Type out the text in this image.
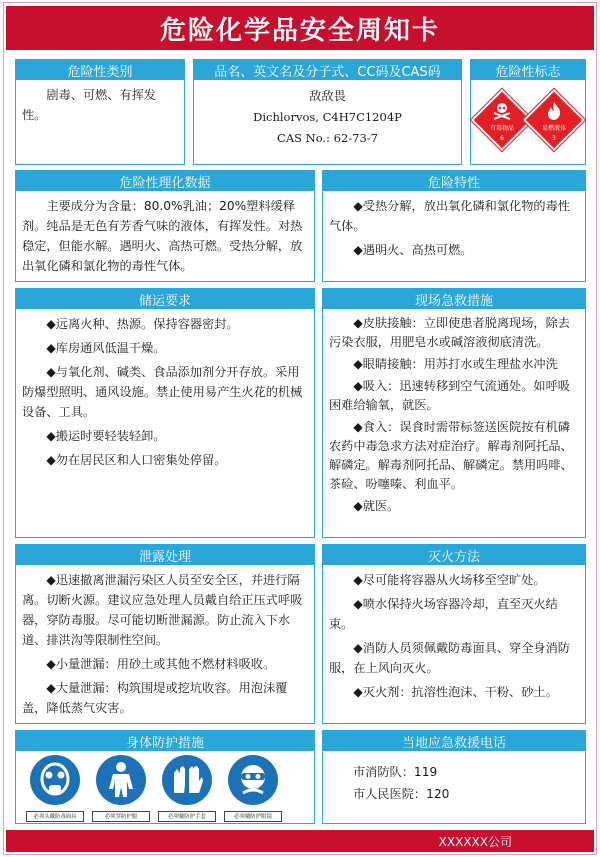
危险化学品安全周知卡
危险性类别

剧毒、可燃、有挥发性。

品名、英文名及分子式、CC码及CAS码
敌敌畏
Dichlorvos, C4H7C1204P
CAS No.: 62-73-7
危险性标志
有毒物品
6
易燃液体
3
危险性理化数据

主要成分为含量：80.0%乳油；20%塑料缓释剂。纯品是无色有芳香气味的液体，有挥发性。对热稳定，但能水解。遇明火、高热可燃。受热分解，放出氧化磷和氯化物的毒性气体。

危险特性

◆受热分解，放出氧化磷和氯化物的毒性气体。

◆遇明火、高热可燃。

储运要求

◆远离火种、热源。保持容器密封。

◆库房通风低温干燥。

◆与氧化剂、碱类、食品添加剂分开存放。采用防爆型照明、通风设施。禁止使用易产生火花的机械设备、工具。

◆搬运时要轻装轻卸。

◆勿在居民区和人口密集处停留。

现场急救措施

◆皮肤接触：立即使患者脱离现场，除去污染衣服，用肥皂水或碱溶液彻底清洗。

◆眼睛接触：用苏打水或生理盐水冲洗

◆吸入：迅速转移到空气流通处。如呼吸困难给输氧，就医。

◆食入：误食时需带标签送医院按有机磷农药中毒急求方法对症治疗。解毒剂阿托品、解磷定。解毒剂阿托品、解磷定。禁用吗啡、茶硷、吩噻嗪、利血平。

◆就医。

泄露处理

◆迅速撤离泄漏污染区人员至安全区，并进行隔离。切断火源。建议应急处理人员戴自给正压式呼吸器，穿防毒服。尽可能切断泄漏源。防止流入下水道、排洪沟等限制性空间。

◆小量泄漏：用砂土或其他不燃材料吸收。

◆大量泄漏：构筑围堤或挖坑收容。用泡沫覆盖，降低蒸气灾害。

灭火方法

◆尽可能将容器从火场移至空旷处。

◆喷水保持火场容器冷却，直至灭火结束。

◆消防人员须佩戴防毒面具、穿全身消防服，在上风向灭火。

◆灭火剂：抗溶性泡沫、干粉、砂土。

身体防护措施
必须头戴防毒面具	必须穿防护服	必须戴防护手套	必须戴防护眼镜
当地应急救援电话
市消防队：119
市人民医院：120
XXXXXX公司
